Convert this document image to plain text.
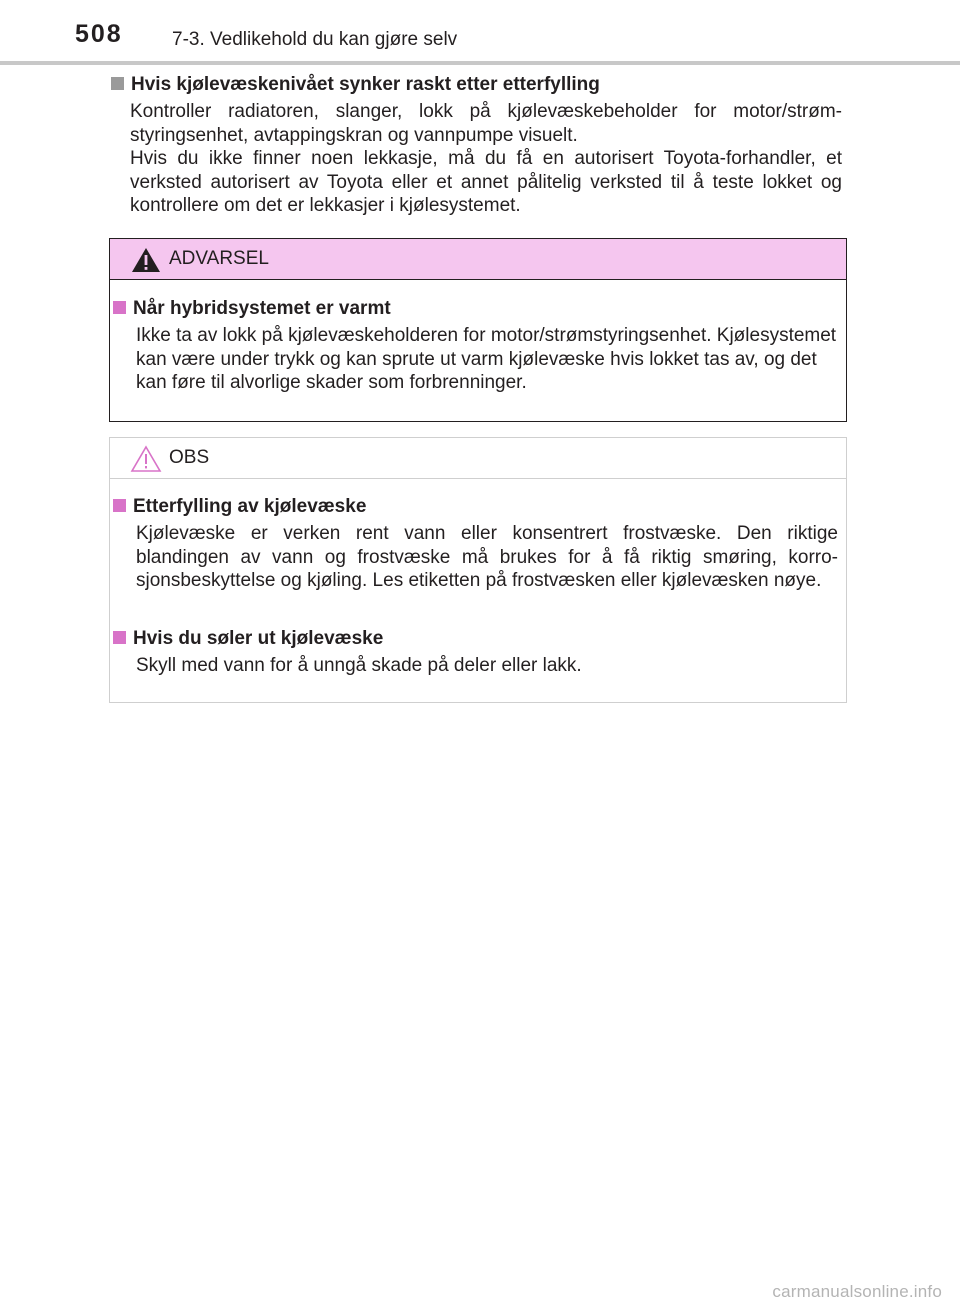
508	7-3. Vedlikehold du kan gjøre selv
Hvis kjølevæskenivået synker raskt etter etterfylling

Kontroller radiatoren, slanger, lokk på kjølevæskebeholder for motor/strøm-styringsenhet, avtappingskran og vannpumpe visuelt.

Hvis du ikke finner noen lekkasje, må du få en autorisert Toyota-forhandler, et verksted autorisert av Toyota eller et annet pålitelig verksted til å teste lokket og kontrollere om det er lekkasjer i kjølesystemet.

ADVARSEL
Når hybridsystemet er varmt

Ikke ta av lokk på kjølevæskeholderen for motor/strømstyringsenhet. Kjølesystemet kan være under trykk og kan sprute ut varm kjølevæske hvis lokket tas av, og det kan føre til alvorlige skader som forbrenninger.

OBS
Etterfylling av kjølevæske

Kjølevæske er verken rent vann eller konsentrert frostvæske. Den riktige blandingen av vann og frostvæske må brukes for å få riktig smøring, korro-sjonsbeskyttelse og kjøling. Les etiketten på frostvæsken eller kjølevæsken nøye.

Hvis du søler ut kjølevæske

Skyll med vann for å unngå skade på deler eller lakk.

carmanualsonline.info
